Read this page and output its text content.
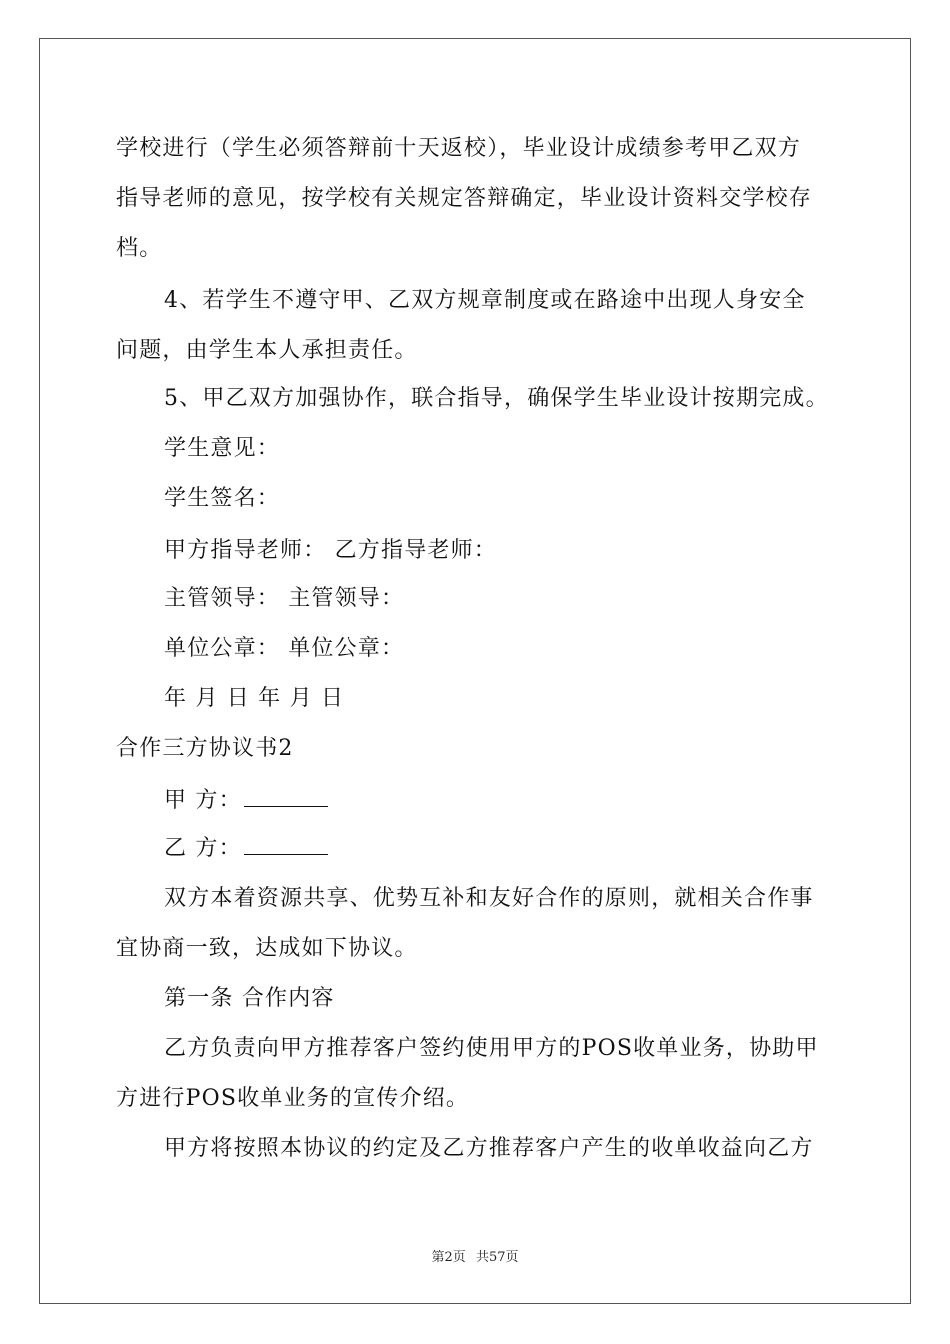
学校进行（学生必须答辩前十天返校），毕业设计成绩参考甲乙双方
指导老师的意见，按学校有关规定答辩确定，毕业设计资料交学校存
档。
4、若学生不遵守甲、乙双方规章制度或在路途中出现人身安全
问题，由学生本人承担责任。
5、甲乙双方加强协作，联合指导，确保学生毕业设计按期完成。
学生意见：
学生签名：
甲方指导老师： 乙方指导老师：
主管领导： 主管领导：
单位公章： 单位公章：
年 月 日 年 月 日
合作三方协议书2
甲 方：
乙 方：
双方本着资源共享、优势互补和友好合作的原则，就相关合作事
宜协商一致，达成如下协议。
第一条 合作内容
乙方负责向甲方推荐客户签约使用甲方的POS收单业务，协助甲
方进行POS收单业务的宣传介绍。
甲方将按照本协议的约定及乙方推荐客户产生的收单收益向乙方
第2页 共57页
